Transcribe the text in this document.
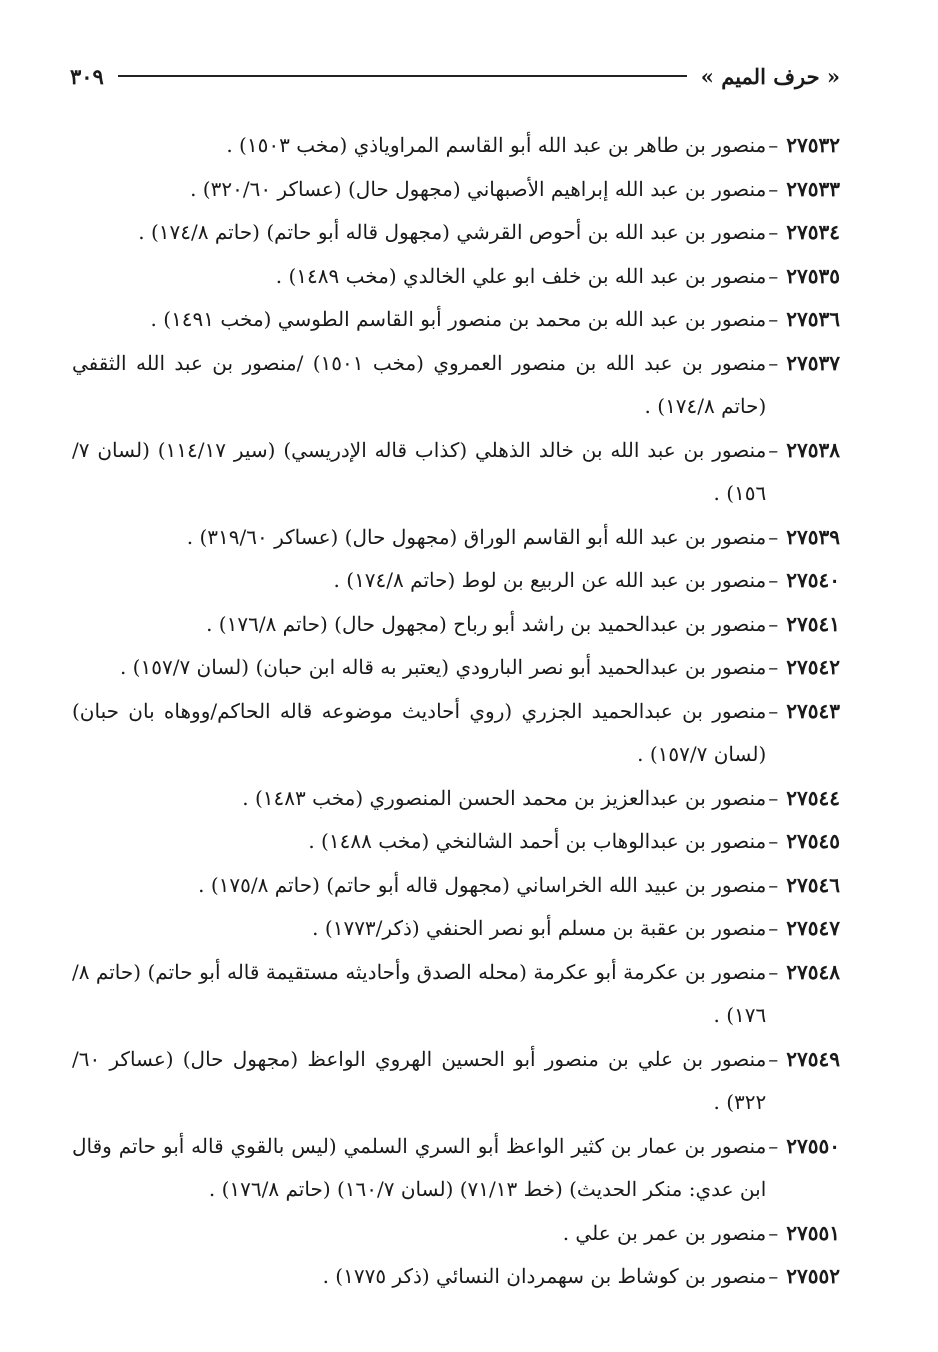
« حرف الميم »
٣٠٩
٢٧٥٣٢
–
منصور بن طاهر بن عبد الله أبو القاسم المراوياذي (مخب ١٥٠٣) .
٢٧٥٣٣
–
منصور بن عبد الله إبراهيم الأصبهاني (مجهول حال) (عساكر ٣٢٠/٦٠) .
٢٧٥٣٤
–
منصور بن عبد الله بن أحوص القرشي (مجهول قاله أبو حاتم) (حاتم ١٧٤/٨) .
٢٧٥٣٥
–
منصور بن عبد الله بن خلف ابو علي الخالدي (مخب ١٤٨٩) .
٢٧٥٣٦
–
منصور بن عبد الله بن محمد بن منصور أبو القاسم الطوسي (مخب ١٤٩١) .
٢٧٥٣٧
–
منصور بن عبد الله بن منصور العمروي (مخب ١٥٠١) /منصور بن عبد الله الثقفي (حاتم ١٧٤/٨) .
٢٧٥٣٨
–
منصور بن عبد الله بن خالد الذهلي (كذاب قاله الإدريسي) (سير ١١٤/١٧) (لسان ٧/ ١٥٦) .
٢٧٥٣٩
–
منصور بن عبد الله أبو القاسم الوراق (مجهول حال) (عساكر ٣١٩/٦٠) .
٢٧٥٤٠
–
منصور بن عبد الله عن الربيع بن لوط (حاتم ١٧٤/٨) .
٢٧٥٤١
–
منصور بن عبدالحميد بن راشد أبو رباح (مجهول حال) (حاتم ١٧٦/٨) .
٢٧٥٤٢
–
منصور بن عبدالحميد أبو نصر البارودي (يعتبر به قاله ابن حبان) (لسان ١٥٧/٧) .
٢٧٥٤٣
–
منصور بن عبدالحميد الجزري (روي أحاديث موضوعه قاله الحاكم/ووهاه بان حبان) (لسان ١٥٧/٧) .
٢٧٥٤٤
–
منصور بن عبدالعزيز بن محمد الحسن المنصوري (مخب ١٤٨٣) .
٢٧٥٤٥
–
منصور بن عبدالوهاب بن أحمد الشالنخي (مخب ١٤٨٨) .
٢٧٥٤٦
–
منصور بن عبيد الله الخراساني (مجهول قاله أبو حاتم) (حاتم ١٧٥/٨) .
٢٧٥٤٧
–
منصور بن عقبة بن مسلم أبو نصر الحنفي (ذكر/١٧٧٣) .
٢٧٥٤٨
–
منصور بن عكرمة أبو عكرمة (محله الصدق وأحاديثه مستقيمة قاله أبو حاتم) (حاتم ٨/ ١٧٦) .
٢٧٥٤٩
–
منصور بن علي بن منصور أبو الحسين الهروي الواعظ (مجهول حال) (عساكر ٦٠/ ٣٢٢) .
٢٧٥٥٠
–
منصور بن عمار بن كثير الواعظ أبو السري السلمي (ليس بالقوي قاله أبو حاتم وقال ابن عدي: منكر الحديث) (خط ٧١/١٣) (لسان ١٦٠/٧) (حاتم ١٧٦/٨) .
٢٧٥٥١
–
منصور بن عمر بن علي .
٢٧٥٥٢
–
منصور بن كوشاط بن سهمردان النسائي (ذكر ١٧٧٥) .
